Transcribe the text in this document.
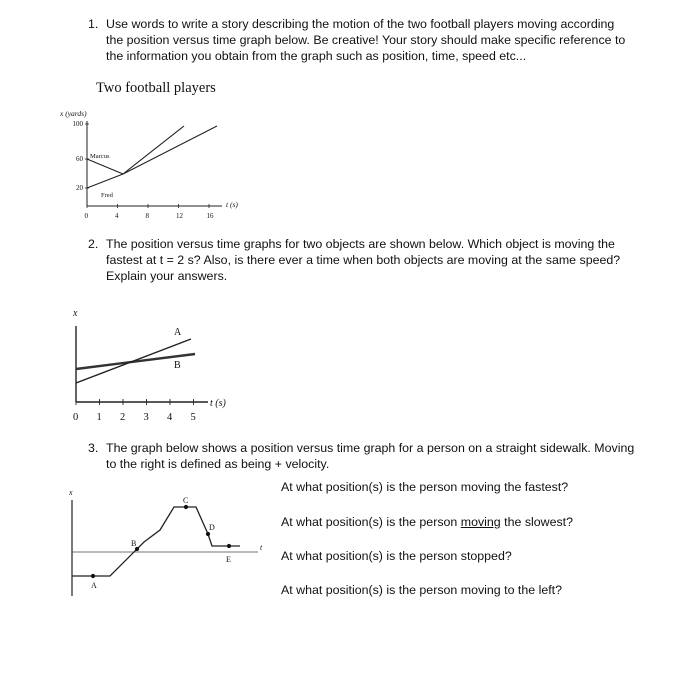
1. Use words to write a story describing the motion of the two football players moving according
the position versus time graph below. Be creative! Your story should make specific reference to
the information you obtain from the graph such as position, time, speed etc...
Two football players
x (yards)
20
60
100
0	4	8	12	16
t (s)
Marcus
Fred
2. The position versus time graphs for two objects are shown below. Which object is moving the
fastest at t = 2 s? Also, is there ever a time when both objects are moving at the same speed?
Explain your answers.
x
0 1 2 3 4 5
t (s)
A
B
3. The graph below shows a position versus time graph for a person on a straight sidewalk. Moving
to the right is defined as being + velocity.
x
t
A
B
C
D
E
At what position(s) is the person moving the fastest?
At what position(s) is the person moving the slowest?
At what position(s) is the person stopped?
At what position(s) is the person moving to the left?
